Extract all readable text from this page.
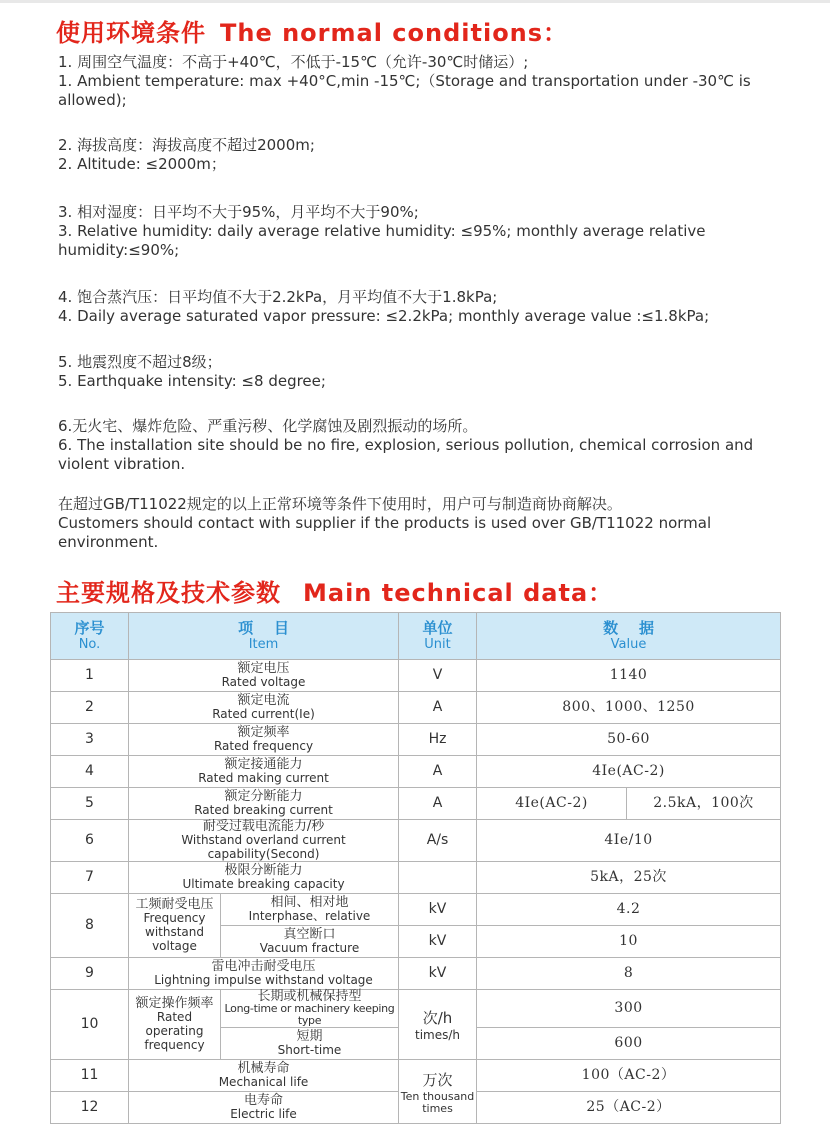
使用环境条件 The normal conditions：
1. 周围空气温度：不高于+40℃，不低于-15℃（允许-30℃时储运）;
1. Ambient temperature: max +40°C,min -15℃;（Storage and transportation under -30℃ is allowed);
2. 海拔高度：海拔高度不超过2000m;
2. Altitude: ≤2000m；
3. 相对湿度：日平均不大于95%，月平均不大于90%;
3. Relative humidity: daily average relative humidity: ≤95%; monthly average relative humidity:≤90%;
4. 饱合蒸汽压：日平均值不大于2.2kPa，月平均值不大于1.8kPa;
4. Daily average saturated vapor pressure: ≤2.2kPa; monthly average value :≤1.8kPa;
5. 地震烈度不超过8级；
5. Earthquake intensity: ≤8 degree;
6.无火宅、爆炸危险、严重污秽、化学腐蚀及剧烈振动的场所。
6. The installation site should be no fire, explosion, serious pollution, chemical corrosion and violent vibration.
在超过GB/T11022规定的以上正常环境等条件下使用时，用户可与制造商协商解决。
Customers should contact with supplier if the products is used over GB/T11022 normal environment.
主要规格及技术参数 Main technical data：
序号
No.	项    目
Item		单位
Unit	数    据
Value	

1	额定电压
Rated voltage		V	1140	
2	额定电流
Rated current(Ie)		A	800、1000、1250	
3	额定频率
Rated frequency		Hz	50-60	
4	额定接通能力
Rated making current		A	4Ie(AC-2)	
5	额定分断能力
Rated breaking current		A	4Ie(AC-2)	2.5kA，100次
6	耐受过载电流能力/秒
Withstand overland current capability(Second)		A/s	4Ie/10	
7	极限分断能力
Ultimate breaking capacity			5kA，25次	
8	工频耐受电压
Frequency
withstand
voltage	相间、相对地
Interphase、relative	kV	4.2	

		真空断口
Vacuum fracture	kV	10	
9	雷电冲击耐受电压
Lightning impulse withstand voltage		kV	8	
10	额定操作频率
Rated
operating
frequency	长期或机械保持型
Long-time or machinery keeping type	次/h
times/h	300	

		短期
Short-time		600	
11	机械寿命
Mechanical life		万次
Ten thousand
times	100（AC-2）	
12	电寿命
Electric life			25（AC-2）	
